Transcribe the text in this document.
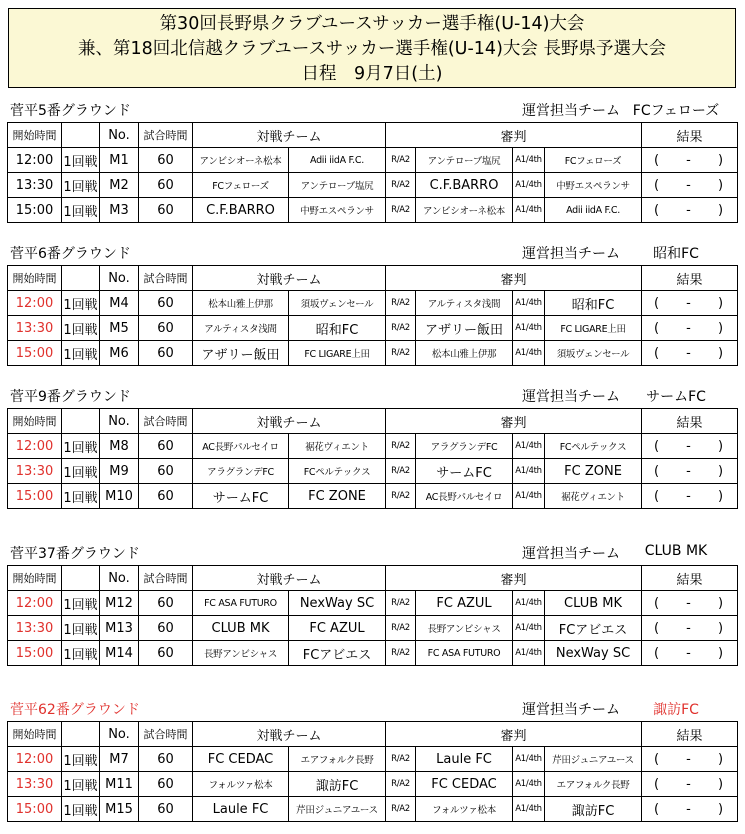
第30回長野県クラブユースサッカー選手権(U-14)大会
兼、第18回北信越クラブユースサッカー選手権(U-14)大会 長野県予選大会
日程　9月7日(土)
菅平5番グラウンド	運営担当チーム FCフェローズ
開始時間		No.	試合時間	対戦チーム		審判				結果
12:00	1回戦	M1	60	アンビシオーネ松本	Adii iidA F.C.	R/A2	アンテローブ塩尻	A1/4th	FCフェローズ	( - )

13:30	1回戦	M2	60	FCフェローズ	アンテローブ塩尻	R/A2	C.F.BARRO	A1/4th	中野エスペランサ	( - )

15:00	1回戦	M3	60	C.F.BARRO	中野エスペランサ	R/A2	アンビシオーネ松本	A1/4th	Adii iidA F.C.	( - )
菅平6番グラウンド	運営担当チーム	昭和FC
開始時間		No.	試合時間	対戦チーム		審判				結果
12:00	1回戦	M4	60	松本山雅上伊那	須坂ヴェンセール	R/A2	アルティスタ浅間	A1/4th	昭和FC	( - )

13:30	1回戦	M5	60	アルティスタ浅間	昭和FC	R/A2	アザリー飯田	A1/4th	FC LIGARE上田	( - )

15:00	1回戦	M6	60	アザリー飯田	FC LIGARE上田	R/A2	松本山雅上伊那	A1/4th	須坂ヴェンセール	( - )
菅平9番グラウンド	運営担当チーム	サームFC
開始時間		No.	試合時間	対戦チーム		審判				結果
12:00	1回戦	M8	60	AC長野パルセイロ	裾花ヴィエント	R/A2	アラグランデFC	A1/4th	FCペルテックス	( - )

13:30	1回戦	M9	60	アラグランデFC	FCペルテックス	R/A2	サームFC	A1/4th	FC ZONE	( - )

15:00	1回戦	M10	60	サームFC	FC ZONE	R/A2	AC長野パルセイロ	A1/4th	裾花ヴィエント	( - )
菅平37番グラウンド	運営担当チーム	CLUB MK
開始時間		No.	試合時間	対戦チーム		審判				結果
12:00	1回戦	M12	60	FC ASA FUTURO	NexWay SC	R/A2	FC AZUL	A1/4th	CLUB MK	( - )

13:30	1回戦	M13	60	CLUB MK	FC AZUL	R/A2	長野アンビシャス	A1/4th	FCアビエス	( - )

15:00	1回戦	M14	60	長野アンビシャス	FCアビエス	R/A2	FC ASA FUTURO	A1/4th	NexWay SC	( - )
菅平62番グラウンド	運営担当チーム	諏訪FC
開始時間		No.	試合時間	対戦チーム		審判				結果
12:00	1回戦	M7	60	FC CEDAC	エアフォルク長野	R/A2	Laule FC	A1/4th	芹田ジュニアユース	( - )

13:30	1回戦	M11	60	フォルツァ松本	諏訪FC	R/A2	FC CEDAC	A1/4th	エアフォルク長野	( - )

15:00	1回戦	M15	60	Laule FC	芹田ジュニアユース	R/A2	フォルツァ松本	A1/4th	諏訪FC	( - )
